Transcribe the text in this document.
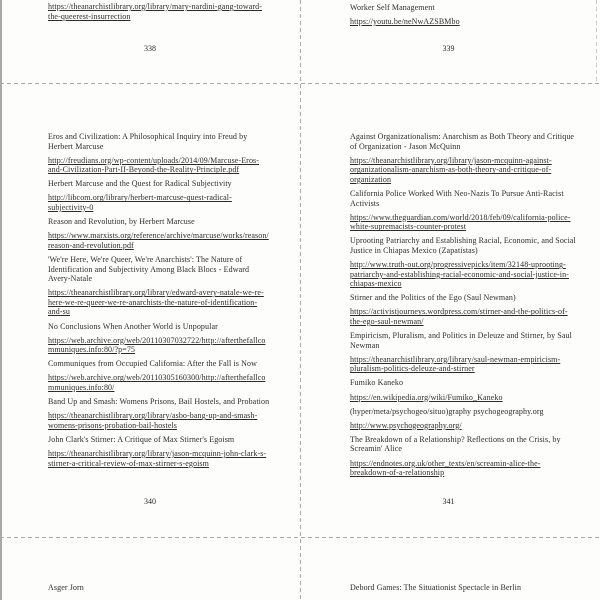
https://theanarchistlibrary.org/library/mary-nardini-gang-toward-the-queerest-insurrection
338

Worker Self Management

https://youtu.be/neNwAZSBMbo
339

Eros and Civilization: A Philosophical Inquiry into Freud by Herbert Marcuse

http://freudians.org/wp-content/uploads/2014/09/Marcuse-Eros-and-Civilization-Part-II-Beyond-the-Reality-Principle.pdf

Herbert Marcuse and the Quest for Radical Subjectivity

http://libcom.org/library/herbert-marcuse-quest-radical-subjectivity-0

Reason and Revolution, by Herbert Marcuse

https://www.marxists.org/reference/archive/marcuse/works/reason/reason-and-revolution.pdf

'We're Here, We're Queer, We're Anarchists': The Nature of Identification and Subjectivity Among Black Blocs - Edward Avery-Natale

https://theanarchistlibrary.org/library/edward-avery-natale-we-re-here-we-re-queer-we-re-anarchists-the-nature-of-identification-and-su

No Conclusions When Another World is Unpopular

https://web.archive.org/web/20110307032722/http://afterthefallcommuniques.info:80/?p=75

Communiques from Occupied California: After the Fall is Now

https://web.archive.org/web/20110305160300/http://afterthefallcommuniques.info:80/

Band Up and Smash: Womens Prisons, Bail Hostels, and Probation

https://theanarchistlibrary.org/library/asbo-bang-up-and-smash-womens-prisons-probation-bail-hostels

John Clark's Stirner: A Critique of Max Stirner's Egoism

https://theanarchistlibrary.org/library/jason-mcquinn-john-clark-s-stirner-a-critical-review-of-max-stirner-s-egoism
340

Against Organizationalism: Anarchism as Both Theory and Critique of Organization - Jason McQuinn

https://theanarchistlibrary.org/library/jason-mcquinn-against-organizationalism-anarchism-as-both-theory-and-critique-of-organization

California Police Worked With Neo-Nazis To Pursue Anti-Racist Activists

https://www.theguardian.com/world/2018/feb/09/california-police-white-supremacists-counter-protest

Uprooting Patriarchy and Establishing Racial, Economic, and Social Justice in Chiapas Mexico (Zapatistas)

http://www.truth-out.org/progressivepicks/item/32148-uprooting-patriarchy-and-establishing-racial-economic-and-social-justice-in-chiapas-mexico

Stirner and the Politics of the Ego (Saul Newman)

https://activistjourneys.wordpress.com/stirner-and-the-politics-of-the-ego-saul-newman/

Empiricism, Pluralism, and Politics in Deleuze and Stirner, by Saul Newman

https://theanarchistlibrary.org/library/saul-newman-empiricism-pluralism-politics-deleuze-and-stirner

Fumiko Kaneko

https://en.wikipedia.org/wiki/Fumiko_Kaneko

(hyper/meta/psychogeo/situo)graphy psychogeography.org

http://www.psychogeography.org/

The Breakdown of a Relationship? Reflections on the Crisis, by Screamin' Alice

https://endnotes.org.uk/other_texts/en/screamin-alice-the-breakdown-of-a-relationship
341

Asger Jorn	Debord Games: The Situationist Spectacle in Berlin
